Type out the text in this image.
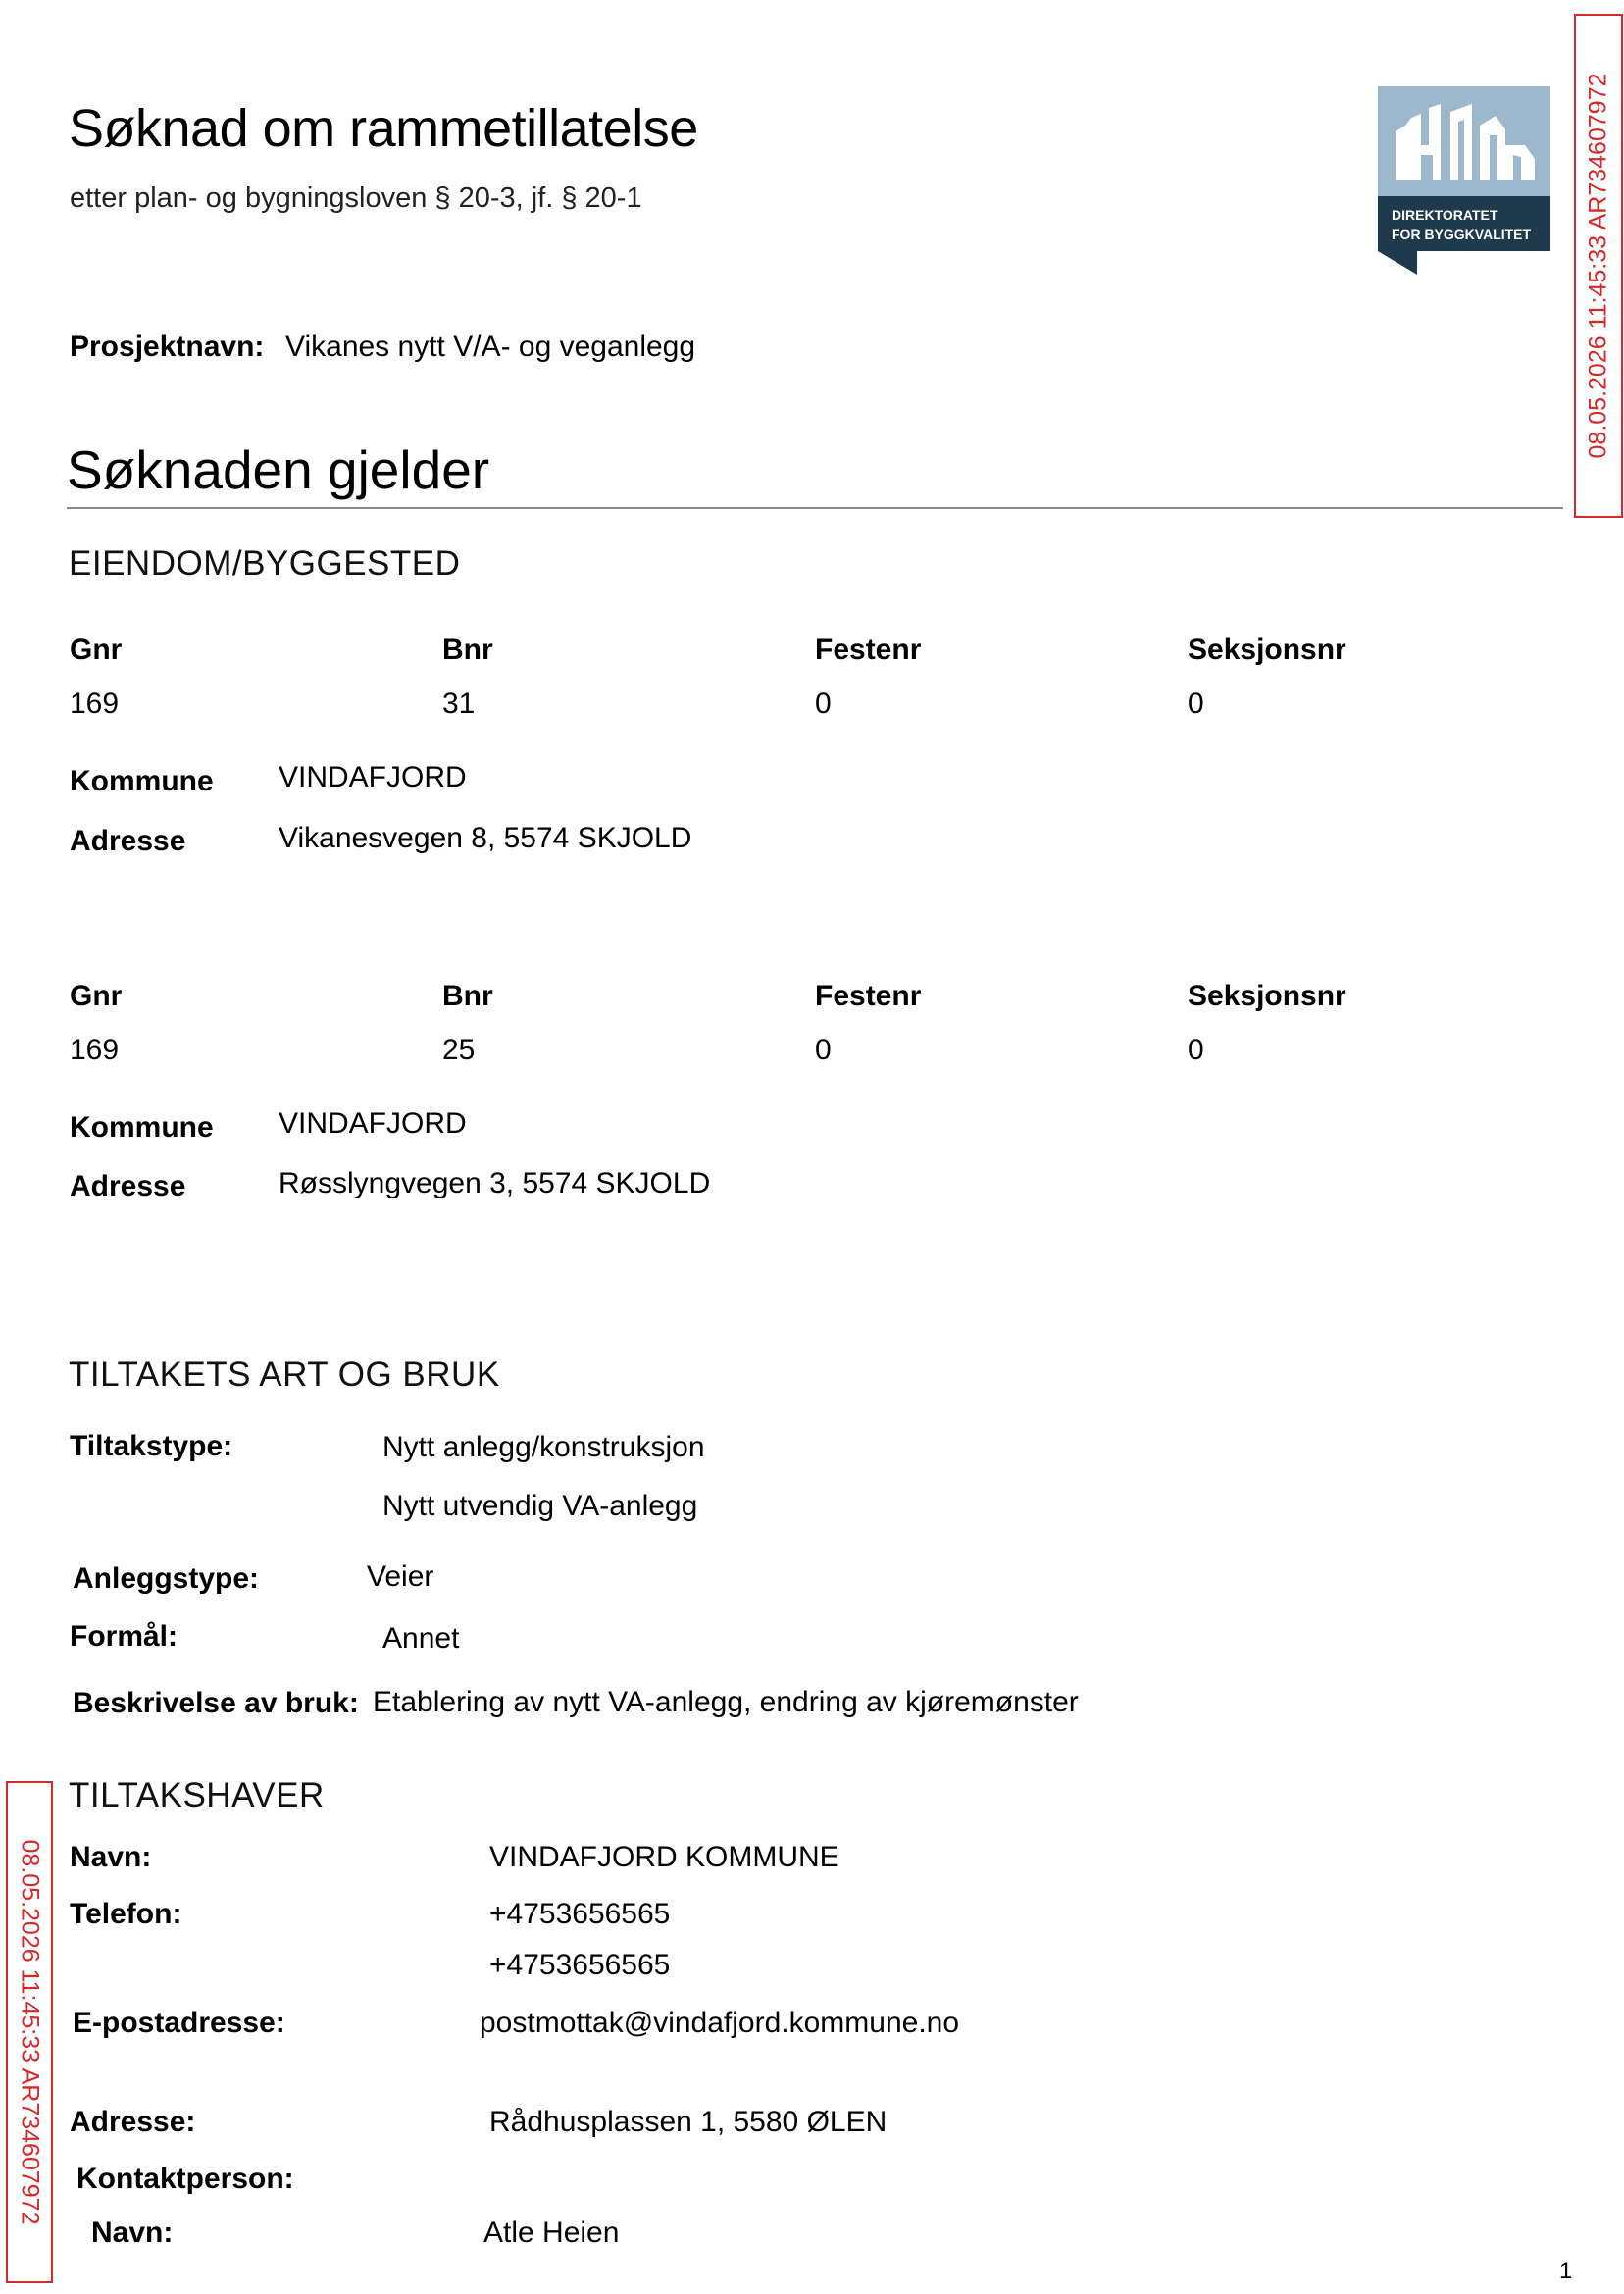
Søknad om rammetillatelse
etter plan- og bygningsloven § 20-3, jf. § 20-1
DIREKTORATET
FOR BYGGKVALITET 08.05.2026 11:45:33 AR734607972
Prosjektnavn: Vikanes nytt V/A- og veganlegg
Søknaden gjelder
EIENDOM/BYGGESTED
Gnr	Bnr	Festenr	Seksjonsnr
169	31	0	0
Kommune VINDAFJORD
Adresse	Vikanesvegen 8, 5574 SKJOLD
Gnr	Bnr	Festenr	Seksjonsnr
169	25	0	0
Kommune VINDAFJORD
Adresse	Røsslyngvegen 3, 5574 SKJOLD
TILTAKETS ART OG BRUK
Tiltakstype:	Nytt anlegg/konstruksjon
Nytt utvendig VA-anlegg
Anleggstype:	Veier
Formål:	Annet
Beskrivelse av bruk: Etablering av nytt VA-anlegg, endring av kjøremønster
TILTAKSHAVER
Navn:	VINDAFJORD KOMMUNE
Telefon:	+4753656565
+4753656565
E-postadresse:	postmottak@vindafjord.kommune.no
Adresse:	Rådhusplassen 1, 5580 ØLEN
Kontaktperson:
Navn:	Atle Heien
08.05.2026 11:45:33 AR734607972
1
